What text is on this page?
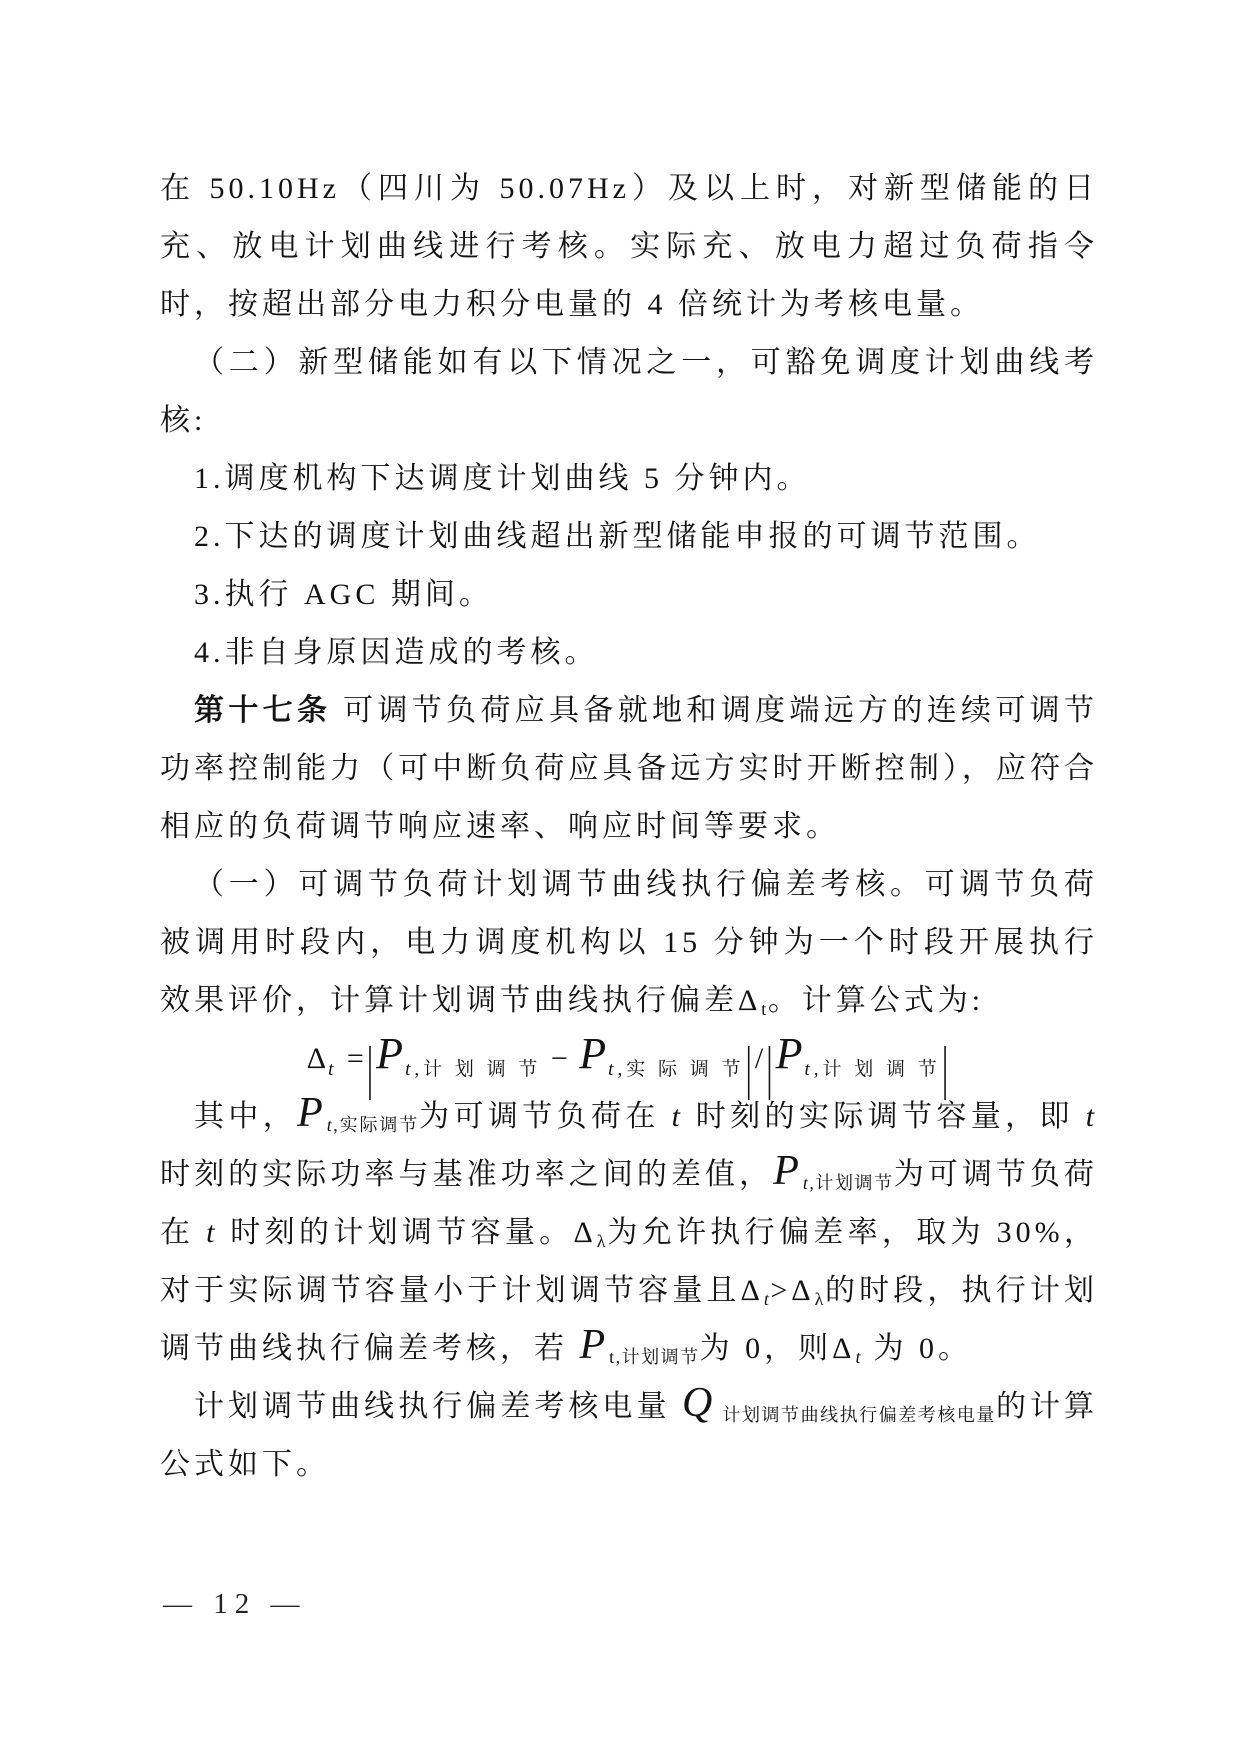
在 50.10Hz（四川为 50.07Hz）及以上时，对新型储能的日充、放电计划曲线进行考核。实际充、放电力超过负荷指令时，按超出部分电力积分电量的 4 倍统计为考核电量。
（二）新型储能如有以下情况之一，可豁免调度计划曲线考核:
1.调度机构下达调度计划曲线 5 分钟内。
2.下达的调度计划曲线超出新型储能申报的可调节范围。
3.执行 AGC 期间。
4.非自身原因造成的考核。
第十七条 可调节负荷应具备就地和调度端远方的连续可调节功率控制能力（可中断负荷应具备远方实时开断控制），应符合相应的负荷调节响应速率、响应时间等要求。
（一）可调节负荷计划调节曲线执行偏差考核。可调节负荷被调用时段内，电力调度机构以 15 分钟为一个时段开展执行效果评价，计算计划调节曲线执行偏差Δt。计算公式为:
$\Delta_t =|P_{t,计 划 调 节} - P_{t,实 际 调 节}|/|P_{t,计 划 调 节}|$
其中，Pt,实际调节为可调节负荷在 t 时刻的实际调节容量，即 t 时刻的实际功率与基准功率之间的差值，Pt,计划调节为可调节负荷在 t 时刻的计划调节容量。Δλ为允许执行偏差率，取为 30%，对于实际调节容量小于计划调节容量且Δt>Δλ的时段，执行计划调节曲线执行偏差考核，若 Pt,计划调节为 0，则Δt 为 0。
计划调节曲线执行偏差考核电量 Q 计划调节曲线执行偏差考核电量的计算公式如下。
— 12 —
